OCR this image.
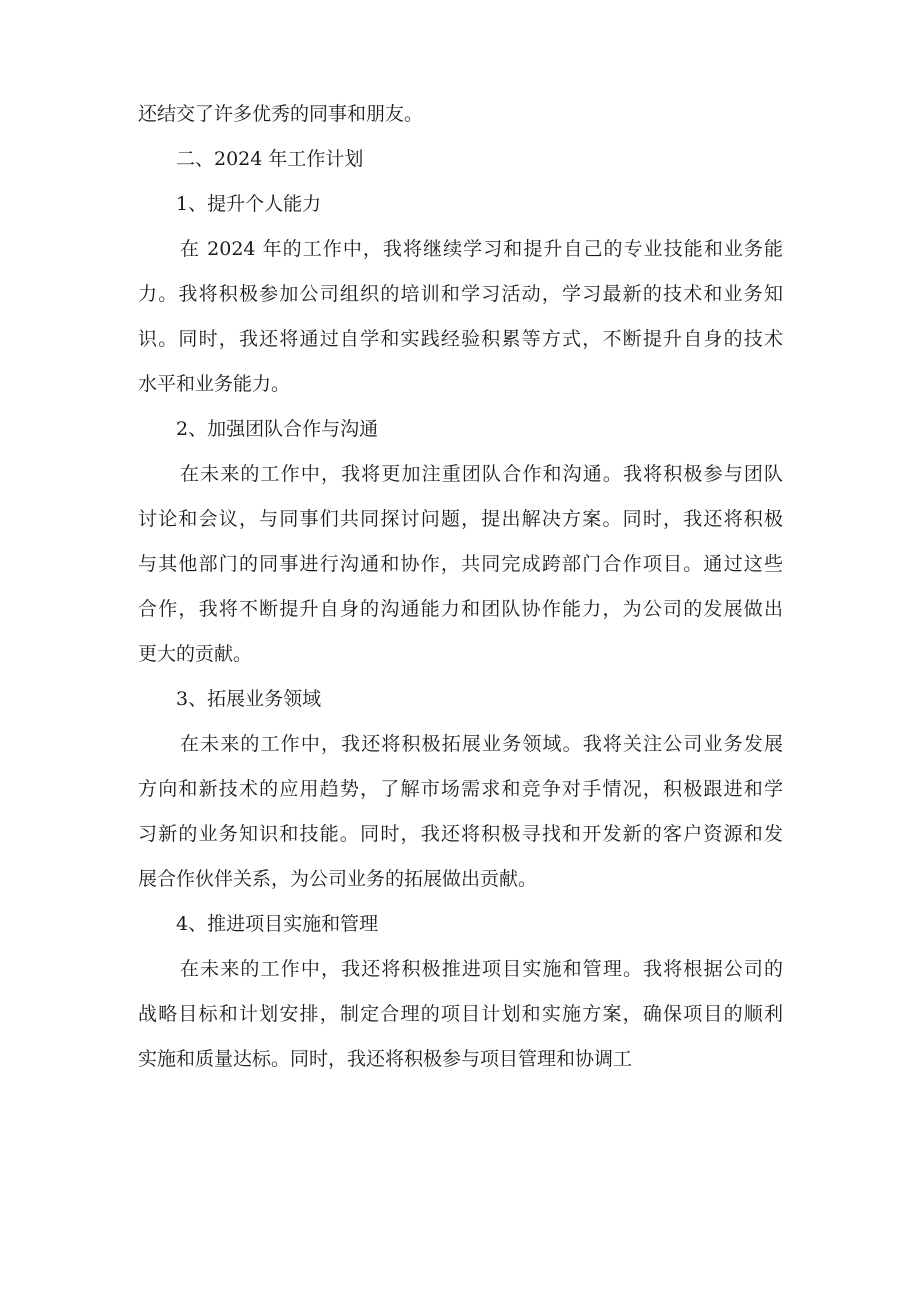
还结交了许多优秀的同事和朋友。

二、2024 年工作计划

1、提升个人能力

在 2024 年的工作中，我将继续学习和提升自己的专业技能和业务能

力。我将积极参加公司组织的培训和学习活动，学习最新的技术和业务知

识。同时，我还将通过自学和实践经验积累等方式，不断提升自身的技术

水平和业务能力。

2、加强团队合作与沟通

在未来的工作中，我将更加注重团队合作和沟通。我将积极参与团队

讨论和会议，与同事们共同探讨问题，提出解决方案。同时，我还将积极

与其他部门的同事进行沟通和协作，共同完成跨部门合作项目。通过这些

合作，我将不断提升自身的沟通能力和团队协作能力，为公司的发展做出

更大的贡献。

3、拓展业务领域

在未来的工作中，我还将积极拓展业务领域。我将关注公司业务发展

方向和新技术的应用趋势，了解市场需求和竞争对手情况，积极跟进和学

习新的业务知识和技能。同时，我还将积极寻找和开发新的客户资源和发

展合作伙伴关系，为公司业务的拓展做出贡献。

4、推进项目实施和管理

在未来的工作中，我还将积极推进项目实施和管理。我将根据公司的

战略目标和计划安排，制定合理的项目计划和实施方案，确保项目的顺利

实施和质量达标。同时，我还将积极参与项目管理和协调工
